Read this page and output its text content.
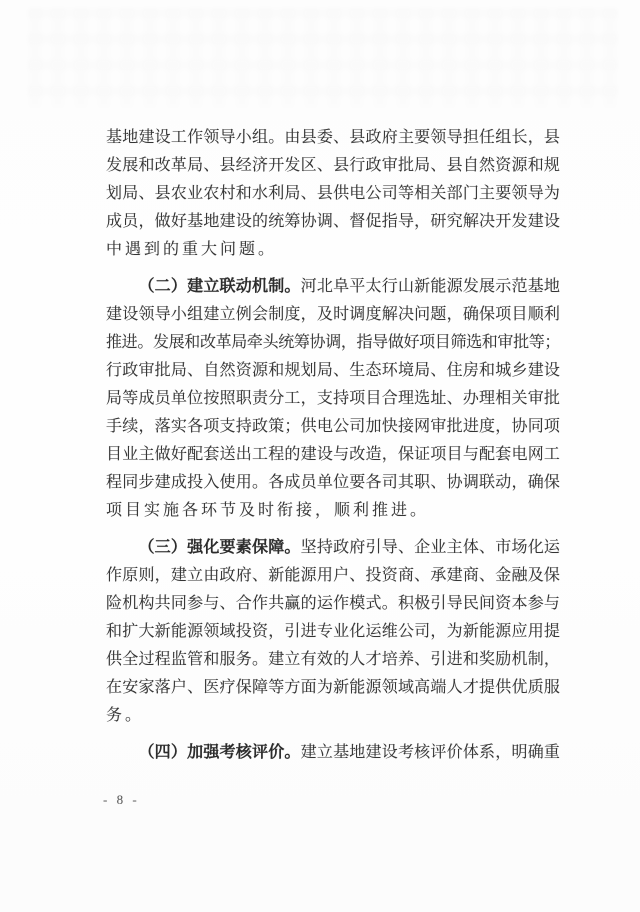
基 地 建 设 工 作 领 导 小 组 。 由 县 委 、 县 政 府 主 要 领 导 担 任 组 长 ， 县
发 展 和 改 革 局 、 县 经 济 开 发 区 、 县 行 政 审 批 局 、 县 自 然 资 源 和 规
划 局 、 县 农 业 农 村 和 水 利 局 、 县 供 电 公 司 等 相 关 部 门 主 要 领 导 为
成 员 ， 做 好 基 地 建 设 的 统 筹 协 调 、 督 促 指 导 ， 研 究 解 决 开 发 建 设
中遇到的重大问题。

（ 二 ） 建 立 联 动 机 制 。 河 北 阜 平 太 行 山 新 能 源 发 展 示 范 基 地
建 设 领 导 小 组 建 立 例 会 制 度 ， 及 时 调 度 解 决 问 题 ， 确 保 项 目 顺 利
推 进 。 发 展 和 改 革 局 牵 头 统 筹 协 调 ， 指 导 做 好 项 目 筛 选 和 审 批 等 ；
行 政 审 批 局 、 自 然 资 源 和 规 划 局 、 生 态 环 境 局 、 住 房 和 城 乡 建 设
局 等 成 员 单 位 按 照 职 责 分 工 ， 支 持 项 目 合 理 选 址 、 办 理 相 关 审 批
手 续 ， 落 实 各 项 支 持 政 策 ； 供 电 公 司 加 快 接 网 审 批 进 度 ， 协 同 项
目 业 主 做 好 配 套 送 出 工 程 的 建 设 与 改 造 ， 保 证 项 目 与 配 套 电 网 工
程 同 步 建 成 投 入 使 用 。 各 成 员 单 位 要 各 司 其 职 、 协 调 联 动 ， 确 保
项目实施各环节及时衔接，顺利推进。

（ 三 ） 强 化 要 素 保 障 。 坚 持 政 府 引 导 、 企 业 主 体 、 市 场 化 运
作 原 则 ， 建 立 由 政 府 、 新 能 源 用 户 、 投 资 商 、 承 建 商 、 金 融 及 保
险 机 构 共 同 参 与 、 合 作 共 赢 的 运 作 模 式 。 积 极 引 导 民 间 资 本 参 与
和 扩 大 新 能 源 领 域 投 资 ， 引 进 专 业 化 运 维 公 司 ， 为 新 能 源 应 用 提
供 全 过 程 监 管 和 服 务 。 建 立 有 效 的 人 才 培 养 、 引 进 和 奖 励 机 制 ，
在 安 家 落 户 、 医 疗 保 障 等 方 面 为 新 能 源 领 域 高 端 人 才 提 供 优 质 服
务。

（ 四 ） 加 强 考 核 评 价 。 建 立 基 地 建 设 考 核 评 价 体 系 ， 明 确 重
- 8 -
